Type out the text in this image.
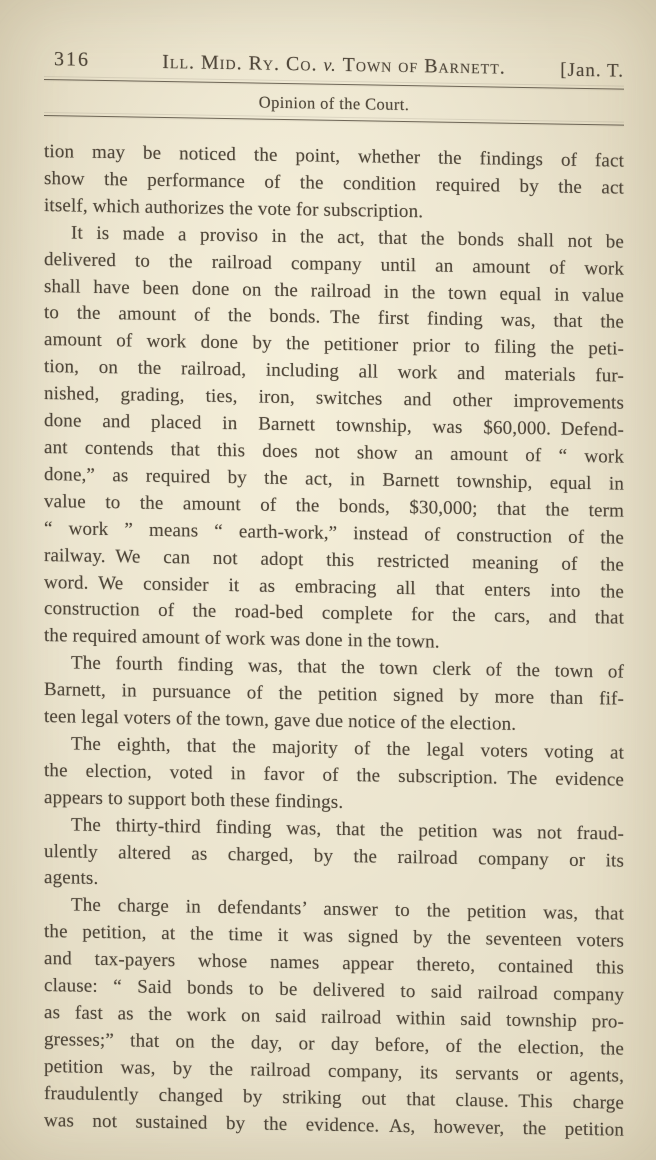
316	Ill. Mid. Ry. Co. v. Town of Barnett.	[Jan. T.
Opinion of the Court.
tion may be noticed the point, whether the findings of fact
show the performance of the condition required by the act
itself, which authorizes the vote for subscription.
It is made a proviso in the act, that the bonds shall not be
delivered to the railroad company until an amount of work
shall have been done on the railroad in the town equal in value
to the amount of the bonds. The first finding was, that the
amount of work done by the petitioner prior to filing the peti-
tion, on the railroad, including all work and materials fur-
nished, grading, ties, iron, switches and other improvements
done and placed in Barnett township, was $60,000. Defend-
ant contends that this does not show an amount of “ work
done,” as required by the act, in Barnett township, equal in
value to the amount of the bonds, $30,000; that the term
“ work ” means “ earth-work,” instead of construction of the
railway. We can not adopt this restricted meaning of the
word. We consider it as embracing all that enters into the
construction of the road-bed complete for the cars, and that
the required amount of work was done in the town.
The fourth finding was, that the town clerk of the town of
Barnett, in pursuance of the petition signed by more than fif-
teen legal voters of the town, gave due notice of the election.
The eighth, that the majority of the legal voters voting at
the election, voted in favor of the subscription. The evidence
appears to support both these findings.
The thirty-third finding was, that the petition was not fraud-
ulently altered as charged, by the railroad company or its
agents.
The charge in defendants’ answer to the petition was, that
the petition, at the time it was signed by the seventeen voters
and tax-payers whose names appear thereto, contained this
clause: “ Said bonds to be delivered to said railroad company
as fast as the work on said railroad within said township pro-
gresses;” that on the day, or day before, of the election, the
petition was, by the railroad company, its servants or agents,
fraudulently changed by striking out that clause. This charge
was not sustained by the evidence. As, however, the petition
